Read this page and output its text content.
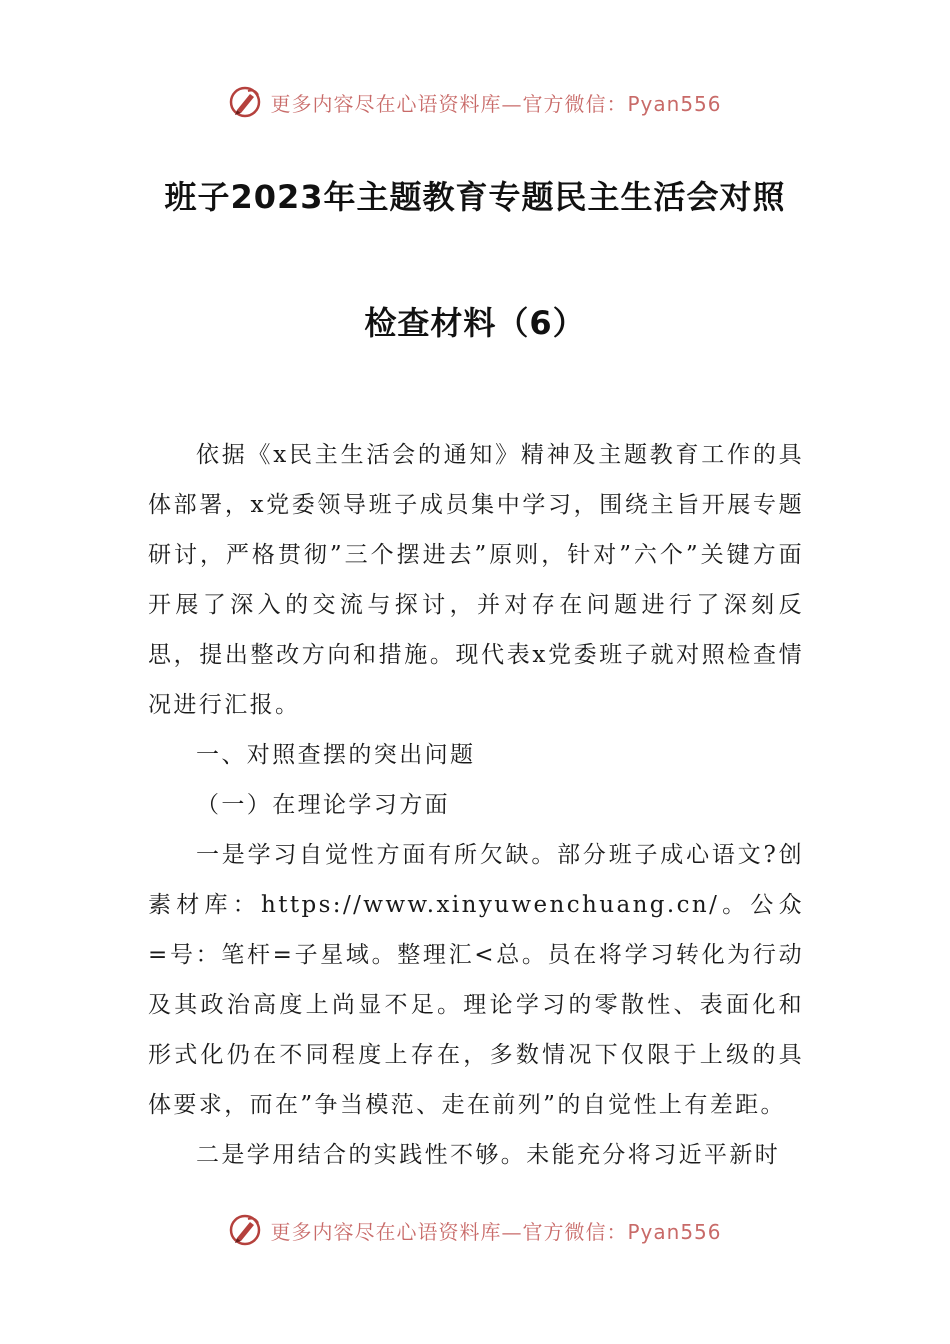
更多内容尽在心语资料库—官方微信：Pyan556
班子2023年主题教育专题民主生活会对照
检查材料（6）

依据《x民主生活会的通知》精神及主题教育工作的具体部署，x党委领导班子成员集中学习，围绕主旨开展专题研讨，严格贯彻”三个摆进去”原则，针对”六个”关键方面开展了深入的交流与探讨，并对存在问题进行了深刻反思，提出整改方向和措施。现代表x党委班子就对照检查情况进行汇报。

一、对照查摆的突出问题

（一）在理论学习方面

一是学习自觉性方面有所欠缺。部分班子成心语文?创素材库：https://www.xinyuwenchuang.cn/。公众=号：笔杆=子星域。整理汇<总。员在将学习转化为行动及其政治高度上尚显不足。理论学习的零散性、表面化和形式化仍在不同程度上存在，多数情况下仅限于上级的具体要求，而在”争当模范、走在前列”的自觉性上有差距。

二是学用结合的实践性不够。未能充分将习近平新时

更多内容尽在心语资料库—官方微信：Pyan556
